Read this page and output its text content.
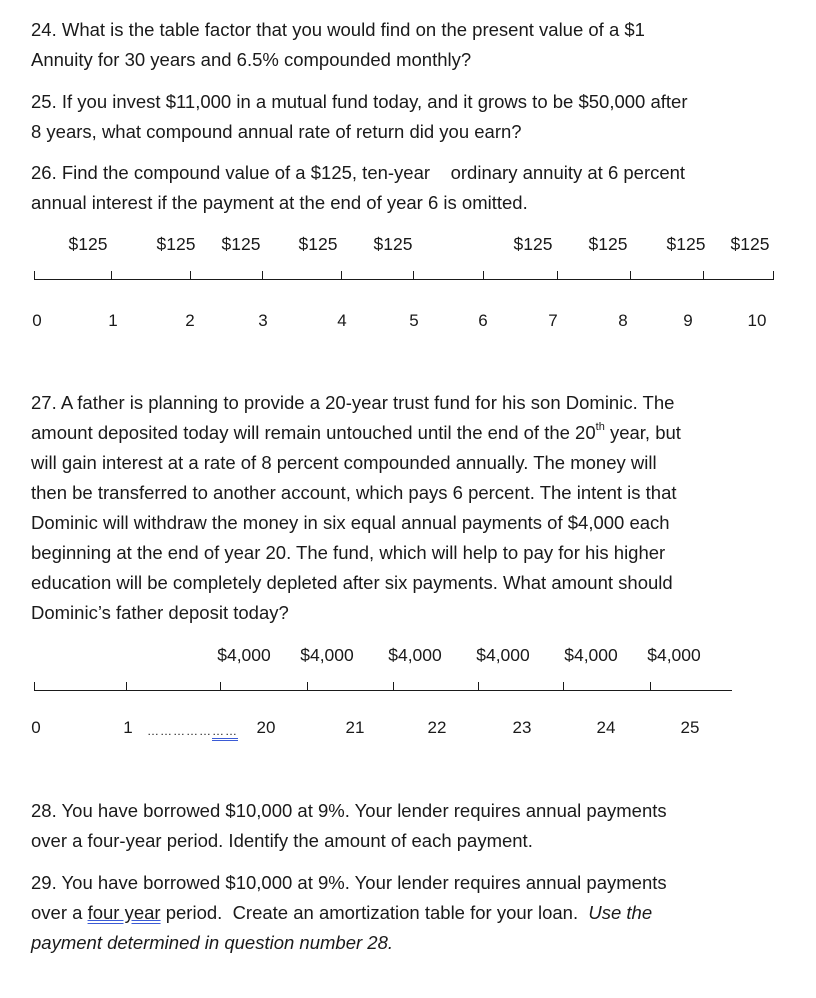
24. What is the table factor that you would find on the present value of a $1
Annuity for 30 years and 6.5% compounded monthly?
25. If you invest $11,000 in a mutual fund today, and it grows to be $50,000 after
8 years, what compound annual rate of return did you earn?
26. Find the compound value of a $125, ten-year    ordinary annuity at 6 percent
annual interest if the payment at the end of year 6 is omitted.
$125	$125 $125 $125 $125	$125 $125 $125 $125
0	1	2	3	4	5	6	7	8	9	10
27. A father is planning to provide a 20-year trust fund for his son Dominic. The
amount deposited today will remain untouched until the end of the 20th year, but
will gain interest at a rate of 8 percent compounded annually. The money will
then be transferred to another account, which pays 6 percent. The intent is that
Dominic will withdraw the money in six equal annual payments of $4,000 each
beginning at the end of year 20. The fund, which will help to pay for his higher
education will be completely depleted after six payments. What amount should
Dominic’s father deposit today?
$4,000 $4,000 $4,000 $4,000 $4,000 $4,000
0	1 ………………… 20	21	22	23	24	25
28. You have borrowed $10,000 at 9%. Your lender requires annual payments
over a four-year period. Identify the amount of each payment.
29. You have borrowed $10,000 at 9%. Your lender requires annual payments
over a four year period.  Create an amortization table for your loan.  Use the
payment determined in question number 28.
